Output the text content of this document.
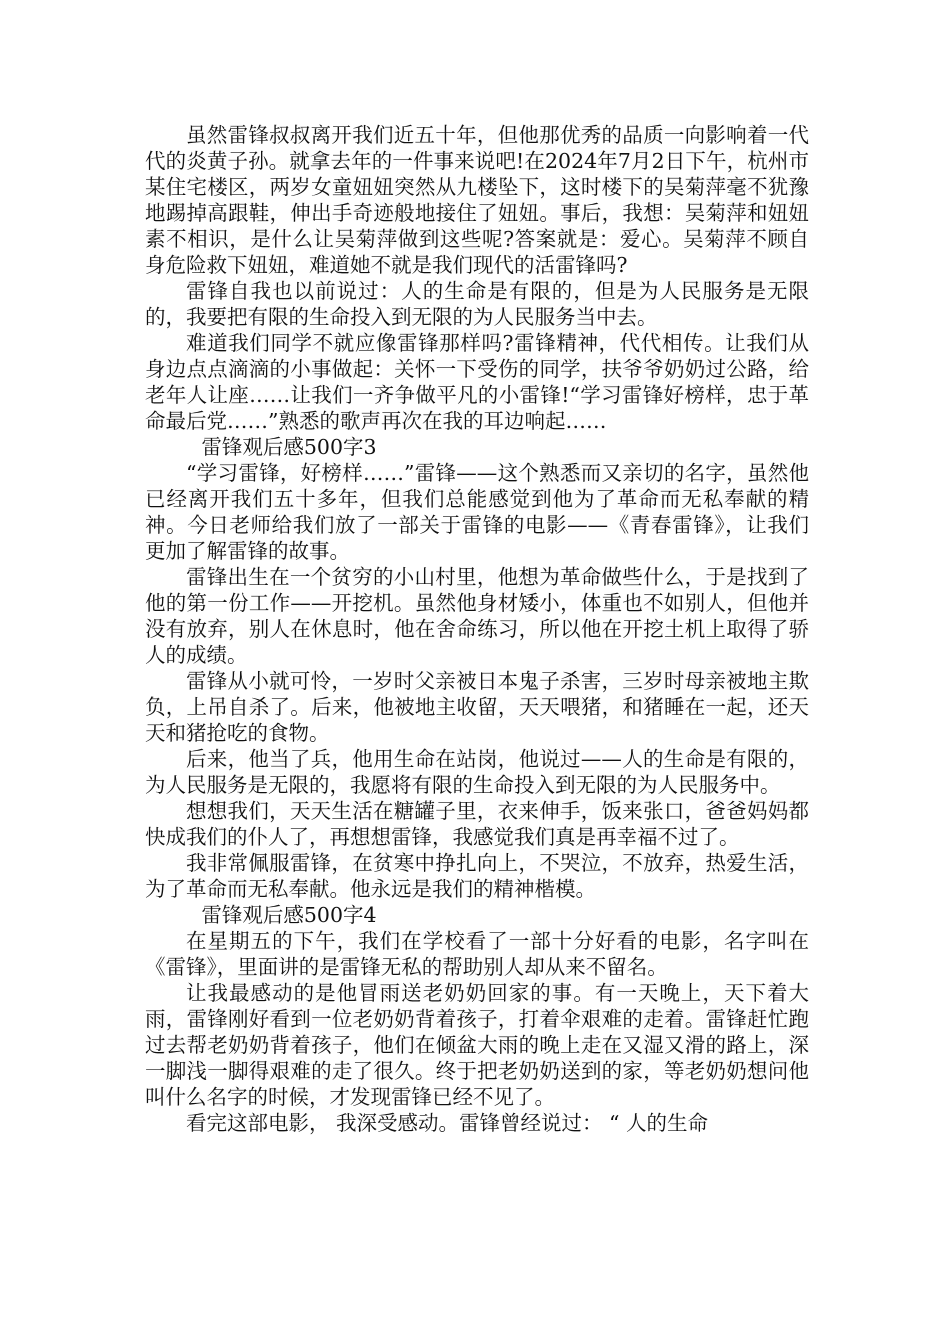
虽然雷锋叔叔离开我们近五十年，但他那优秀的品质一向影响着一代代的炎黄子孙。就拿去年的一件事来说吧!在2024年7月2日下午，杭州市某住宅楼区，两岁女童妞妞突然从九楼坠下，这时楼下的吴菊萍毫不犹豫地踢掉高跟鞋，伸出手奇迹般地接住了妞妞。事后，我想：吴菊萍和妞妞素不相识，是什么让吴菊萍做到这些呢?答案就是：爱心。吴菊萍不顾自身危险救下妞妞，难道她不就是我们现代的活雷锋吗?

雷锋自我也以前说过：人的生命是有限的，但是为人民服务是无限的，我要把有限的生命投入到无限的为人民服务当中去。

难道我们同学不就应像雷锋那样吗?雷锋精神，代代相传。让我们从身边点点滴滴的小事做起：关怀一下受伤的同学，扶爷爷奶奶过公路，给老年人让座……让我们一齐争做平凡的小雷锋!“学习雷锋好榜样，忠于革命最后党……”熟悉的歌声再次在我的耳边响起……

雷锋观后感500字3

“学习雷锋，好榜样……”雷锋——这个熟悉而又亲切的名字，虽然他已经离开我们五十多年，但我们总能感觉到他为了革命而无私奉献的精神。今日老师给我们放了一部关于雷锋的电影——《青春雷锋》，让我们更加了解雷锋的故事。

雷锋出生在一个贫穷的小山村里，他想为革命做些什么，于是找到了他的第一份工作——开挖机。虽然他身材矮小，体重也不如别人，但他并没有放弃，别人在休息时，他在舍命练习，所以他在开挖土机上取得了骄人的成绩。

雷锋从小就可怜，一岁时父亲被日本鬼子杀害，三岁时母亲被地主欺负，上吊自杀了。后来，他被地主收留，天天喂猪，和猪睡在一起，还天天和猪抢吃的食物。

后来，他当了兵，他用生命在站岗，他说过——人的生命是有限的，为人民服务是无限的，我愿将有限的生命投入到无限的为人民服务中。

想想我们，天天生活在糖罐子里，衣来伸手，饭来张口，爸爸妈妈都快成我们的仆人了，再想想雷锋，我感觉我们真是再幸福不过了。

我非常佩服雷锋，在贫寒中挣扎向上，不哭泣，不放弃，热爱生活，为了革命而无私奉献。他永远是我们的精神楷模。

雷锋观后感500字4

在星期五的下午，我们在学校看了一部十分好看的电影，名字叫在《雷锋》，里面讲的是雷锋无私的帮助别人却从来不留名。

让我最感动的是他冒雨送老奶奶回家的事。有一天晚上，天下着大雨，雷锋刚好看到一位老奶奶背着孩子，打着伞艰难的走着。雷锋赶忙跑过去帮老奶奶背着孩子，他们在倾盆大雨的晚上走在又湿又滑的路上，深一脚浅一脚得艰难的走了很久。终于把老奶奶送到的家，等老奶奶想问他叫什么名字的时候，才发现雷锋已经不见了。

看完这部电影， 我深受感动。雷锋曾经说过： “ 人的生命
